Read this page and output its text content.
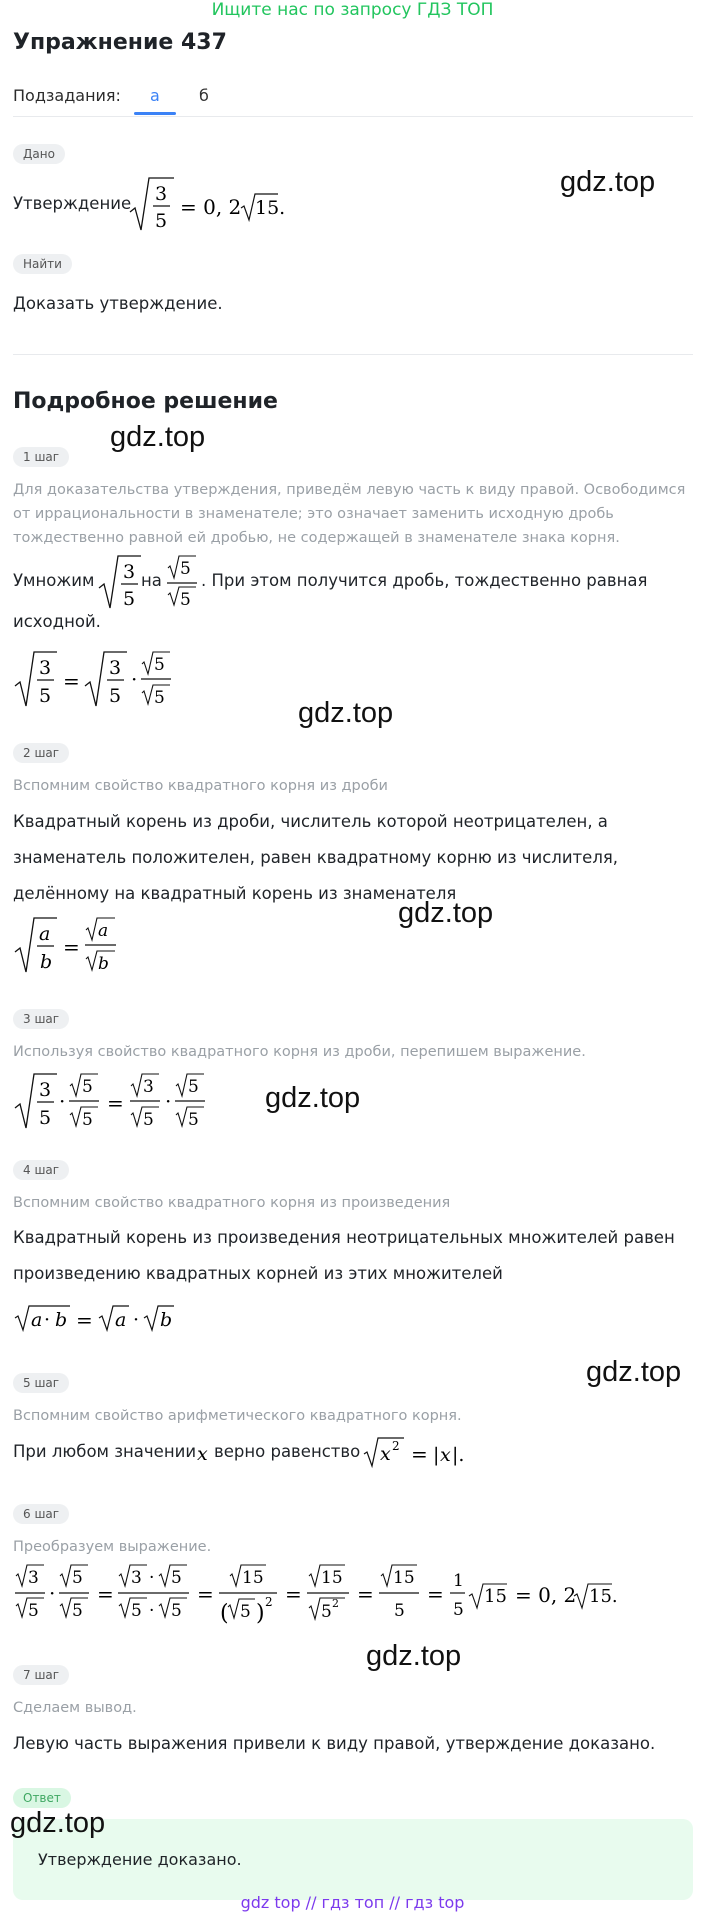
Ищите нас по запросу ГДЗ ТОП
Упражнение 437
Подзадания: а б
Дано
Утверждение 3
5
= 0, 2 15.
gdz.top
Найти
Доказать утверждение.
Подробное решение
gdz.top
1 шаг
Для доказательства утверждения, приведём левую часть к виду правой. Освободимся от иррациональности в знаменателе; это означает заменить исходную дробь тождественно равной ей дробью, не содержащей в знаменателе знака корня.
Умножим 3
5
на
5
5
. При этом получится дробь, тождественно равная
исходной.
3
5
=
3
5
·
5
5	gdz.top
2 шаг
Вспомним свойство квадратного корня из дроби
Квадратный корень из дроби, числитель которой неотрицателен, а
знаменатель положителен, равен квадратному корню из числителя,
делённому на квадратный корень из знаменателя
a
b
=
a
b
gdz.top
3 шаг
Используя свойство квадратного корня из дроби, перепишем выражение.
3
5
·
5
5
=
3
5
·
5
5
gdz.top
4 шаг
Вспомним свойство квадратного корня из произведения
Квадратный корень из произведения неотрицательных множителей равен
произведению квадратных корней из этих множителей
a · b = a · b
gdz.top
5 шаг
Вспомним свойство арифметического квадратного корня.
При любом значении x верно равенство x 2 = | x |.
6 шаг
Преобразуем выражение.
3
5
·
5
5
=
3 · 5
5 · 5
=
15
( 5 ) 2 =
15
5 2 =
15
5
=
1
5
15 = 0, 2 15.
gdz.top
7 шаг
Сделаем вывод.
Левую часть выражения привели к виду правой, утверждение доказано.
Ответ
gdz.top
Утверждение доказано.
gdz top // гдз топ // гдз top
